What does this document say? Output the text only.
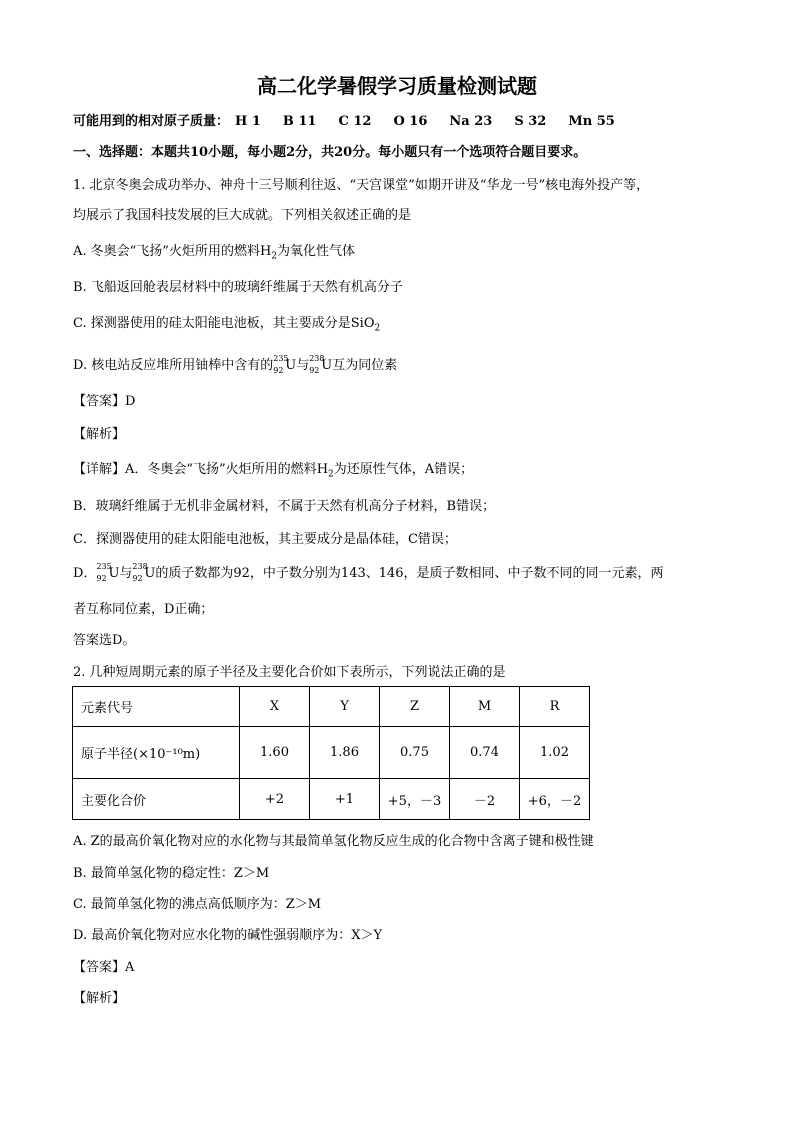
高二化学暑假学习质量检测试题
可能用到的相对原子质量： H 1 B 11 C 12 O 16 Na 23 S 32 Mn 55
一、选择题：本题共10小题，每小题2分，共20分。每小题只有一个选项符合题目要求。
1. 北京冬奥会成功举办、神舟十三号顺利往返、“天宫课堂”如期开讲及“华龙一号”核电海外投产等，
均展示了我国科技发展的巨大成就。下列相关叙述正确的是
A. 冬奥会“飞扬”火炬所用的燃料$H_2$为氧化性气体
B. 飞船返回舱表层材料中的玻璃纤维属于天然有机高分子
C. 探测器使用的硅太阳能电池板，其主要成分是SiO$_2$
D. 核电站反应堆所用铀棒中含有的 235
92 U与 238
92 U互为同位素
【答案】D
【解析】
【详解】A．冬奥会“飞扬”火炬所用的燃料$H_2$为还原性气体，A错误；
B．玻璃纤维属于无机非金属材料，不属于天然有机高分子材料，B错误；
C．探测器使用的硅太阳能电池板，其主要成分是晶体硅，C错误；
D． 235
92 U与 238
92 U的质子数都为92，中子数分别为143、146，是质子数相同、中子数不同的同一元素，两
者互称同位素，D正确；
答案选D。
2. 几种短周期元素的原子半径及主要化合价如下表所示，下列说法正确的是
元素代号	X	Y	Z	M	R
原子半径(×10⁻¹⁰m)	1.60	1.86	0.75	0.74	1.02
主要化合价	+2	+1	+5，－3	－2	+6，－2
A. Z的最高价氧化物对应的水化物与其最简单氢化物反应生成的化合物中含离子键和极性键
B. 最简单氢化物的稳定性：Z＞M
C. 最简单氢化物的沸点高低顺序为：Z＞M
D. 最高价氧化物对应水化物的碱性强弱顺序为：X＞Y
【答案】A
【解析】
